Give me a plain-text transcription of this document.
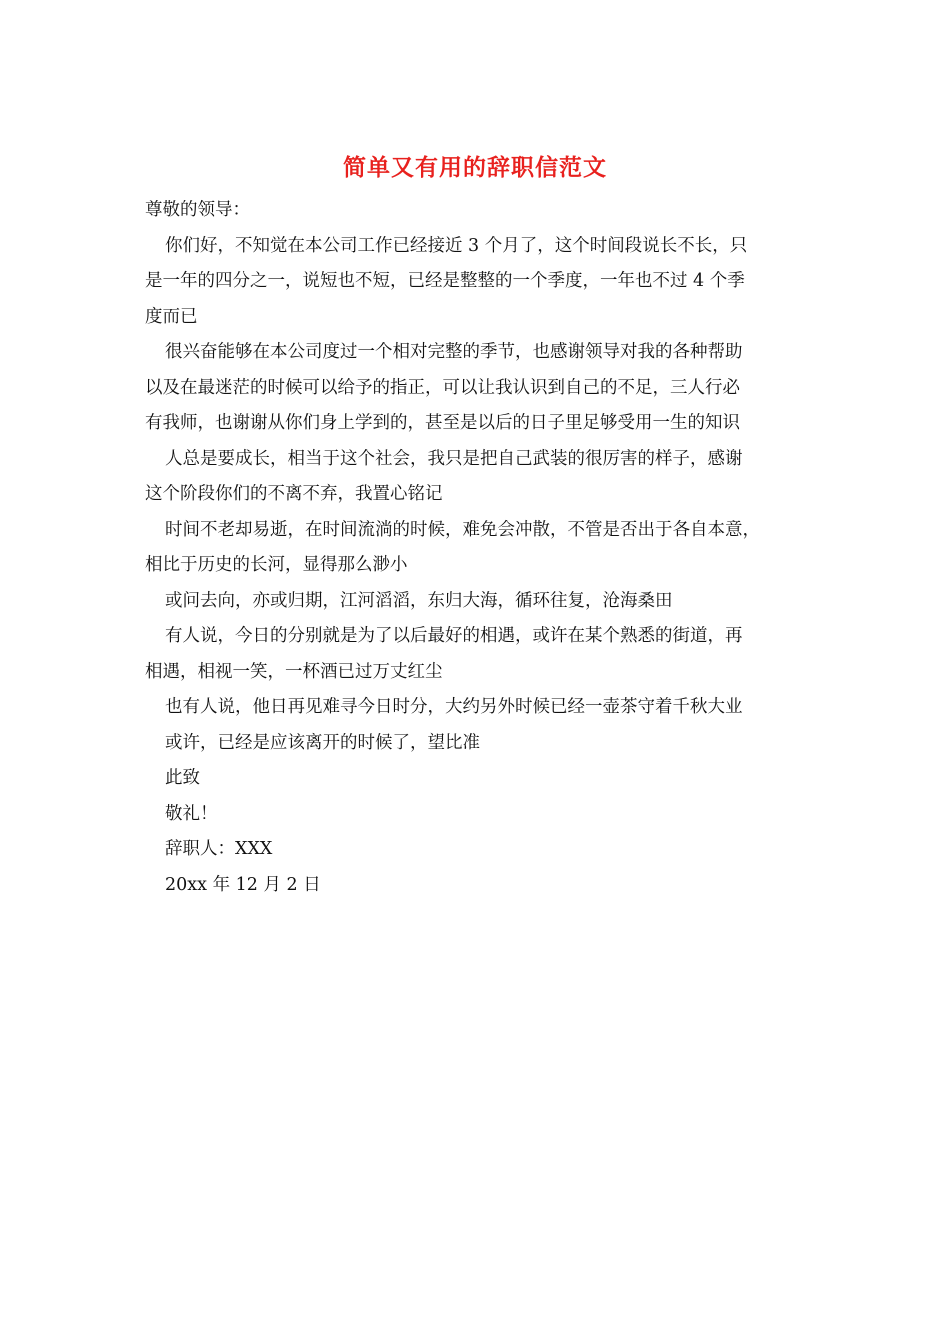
简单又有用的辞职信范文
尊敬的领导：
你们好，不知觉在本公司工作已经接近 3 个月了，这个时间段说长不长，只
是一年的四分之一，说短也不短，已经是整整的一个季度，一年也不过 4 个季
度而已
很兴奋能够在本公司度过一个相对完整的季节，也感谢领导对我的各种帮助
以及在最迷茫的时候可以给予的指正，可以让我认识到自己的不足，三人行必
有我师，也谢谢从你们身上学到的，甚至是以后的日子里足够受用一生的知识
人总是要成长，相当于这个社会，我只是把自己武装的很厉害的样子，感谢
这个阶段你们的不离不弃，我置心铭记
时间不老却易逝，在时间流淌的时候，难免会冲散，不管是否出于各自本意，
相比于历史的长河，显得那么渺小
或问去向，亦或归期，江河滔滔，东归大海，循环往复，沧海桑田
有人说，今日的分别就是为了以后最好的相遇，或许在某个熟悉的街道，再
相遇，相视一笑，一杯酒已过万丈红尘
也有人说，他日再见难寻今日时分，大约另外时候已经一壶茶守着千秋大业
或许，已经是应该离开的时候了，望比准
此致
敬礼！
辞职人：XXX
20xx 年 12 月 2 日
